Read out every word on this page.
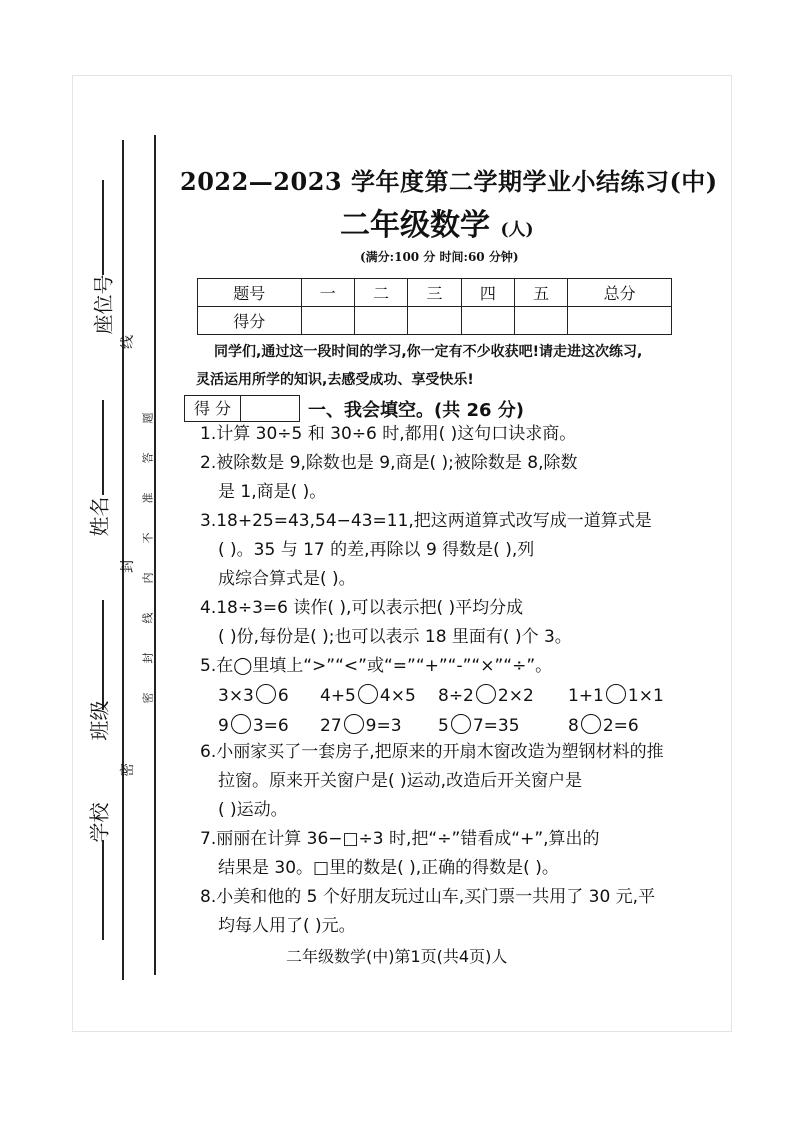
座位号
姓名
班级
学校
线
封
密
题
答
准
不
内
线
封
密
2022—2023 学年度第二学期学业小结练习(中)
二年级数学 (人)
(满分:100 分 时间:60 分钟)
题号	一	二	三	四	五	总分
得分						
同学们,通过这一段时间的学习,你一定有不少收获吧!请走进这次练习,
灵活运用所学的知识,去感受成功、享受快乐!
得 分	一、我会填空。(共 26 分)
1.计算 30÷5 和 30÷6 时,都用( )这句口诀求商。
2.被除数是 9,除数也是 9,商是( );被除数是 8,除数
是 1,商是( )。
3.18+25=43,54−43=11,把这两道算式改写成一道算式是
( )。35 与 17 的差,再除以 9 得数是( ),列
成综合算式是( )。
4.18÷3=6 读作( ),可以表示把( )平均分成
( )份,每份是( );也可以表示 18 里面有( )个 3。
5.在◯里填上“>”“<”或“=”“+”“-”“×”“÷”。
3×3 6 4+5 4×5 8÷2 2×2 1+1 1×1
9 3=6 27 9=3 5 7=35	8 2=6
6.小丽家买了一套房子,把原来的开扇木窗改造为塑钢材料的推
拉窗。原来开关窗户是( )运动,改造后开关窗户是
( )运动。
7.丽丽在计算 36−□÷3 时,把“÷”错看成“+”,算出的
结果是 30。□里的数是( ),正确的得数是( )。
8.小美和他的 5 个好朋友玩过山车,买门票一共用了 30 元,平
均每人用了( )元。
二年级数学(中)第1页(共4页)人
